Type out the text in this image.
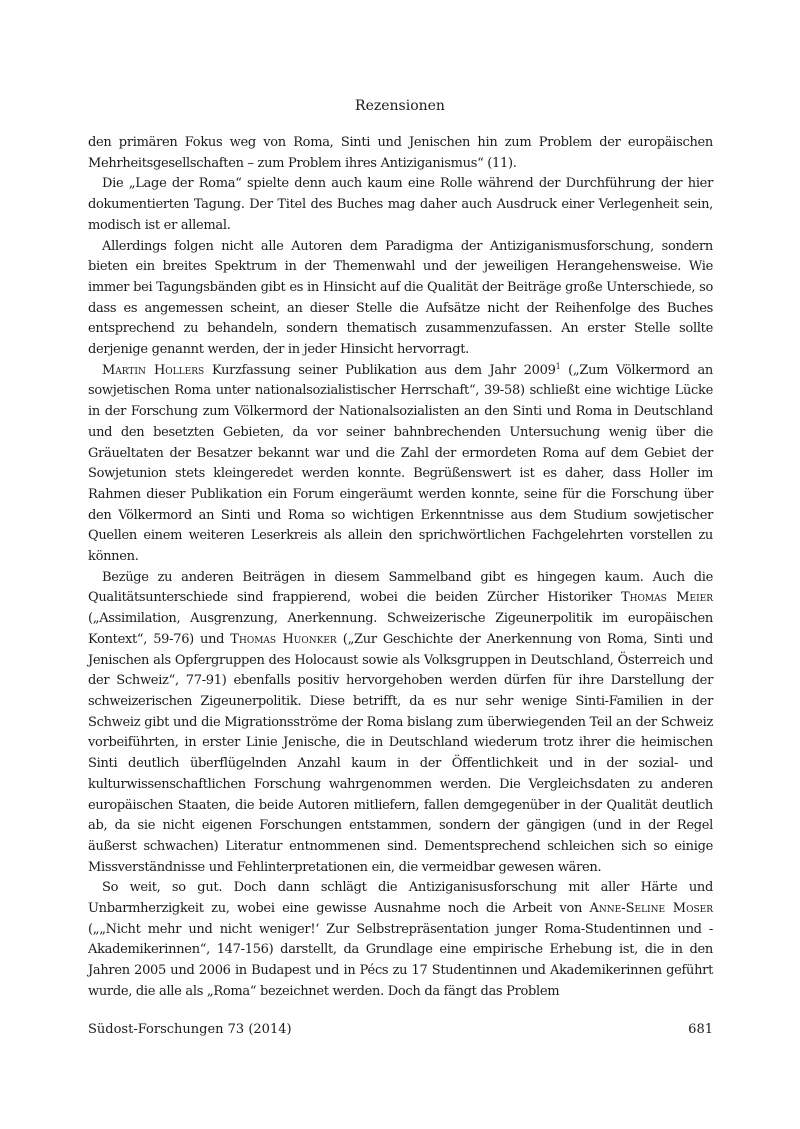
Rezensionen

den primären Fokus weg von Roma, Sinti und Jenischen hin zum Problem der europäischen Mehrheitsgesellschaften – zum Problem ihres Antiziganismus“ (11).

Die „Lage der Roma“ spielte denn auch kaum eine Rolle während der Durchführung der hier dokumentierten Tagung. Der Titel des Buches mag daher auch Ausdruck einer Verlegenheit sein, modisch ist er allemal.

Allerdings folgen nicht alle Autoren dem Paradigma der Antiziganismusforschung, sondern bieten ein breites Spektrum in der Themenwahl und der jeweiligen Herangehensweise. Wie immer bei Tagungsbänden gibt es in Hinsicht auf die Qualität der Beiträge große Unterschiede, so dass es angemessen scheint, an dieser Stelle die Aufsätze nicht der Reihenfolge des Buches entsprechend zu behandeln, sondern thematisch zusammenzufassen. An erster Stelle sollte derjenige genannt werden, der in jeder Hinsicht hervorragt.

Martin Hollers Kurzfassung seiner Publikation aus dem Jahr 2009$^1$ („Zum Völkermord an sowjetischen Roma unter nationalsozialistischer Herrschaft“, 39-58) schließt eine wichtige Lücke in der Forschung zum Völkermord der Nationalsozialisten an den Sinti und Roma in Deutschland und den besetzten Gebieten, da vor seiner bahnbrechenden Untersuchung wenig über die Gräueltaten der Besatzer bekannt war und die Zahl der ermordeten Roma auf dem Gebiet der Sowjetunion stets kleingeredet werden konnte. Begrüßenswert ist es daher, dass Holler im Rahmen dieser Publikation ein Forum eingeräumt werden konnte, seine für die Forschung über den Völkermord an Sinti und Roma so wichtigen Erkenntnisse aus dem Studium sowjetischer Quellen einem weiteren Leserkreis als allein den sprichwörtlichen Fachgelehrten vorstellen zu können.

Bezüge zu anderen Beiträgen in diesem Sammelband gibt es hingegen kaum. Auch die Qualitätsunterschiede sind frappierend, wobei die beiden Zürcher Historiker Thomas Meier („Assimilation, Ausgrenzung, Anerkennung. Schweizerische Zigeunerpolitik im europäischen Kontext“, 59-76) und Thomas Huonker („Zur Geschichte der Anerkennung von Roma, Sinti und Jenischen als Opfergruppen des Holocaust sowie als Volksgruppen in Deutschland, Österreich und der Schweiz“, 77-91) ebenfalls positiv hervorgehoben werden dürfen für ihre Darstellung der schweizerischen Zigeunerpolitik. Diese betrifft, da es nur sehr wenige Sinti-Familien in der Schweiz gibt und die Migrationsströme der Roma bislang zum überwiegenden Teil an der Schweiz vorbeiführten, in erster Linie Jenische, die in Deutschland wiederum trotz ihrer die heimischen Sinti deutlich überflügelnden Anzahl kaum in der Öffentlichkeit und in der sozial- und kulturwissenschaftlichen Forschung wahrgenommen werden. Die Vergleichsdaten zu anderen europäischen Staaten, die beide Autoren mitliefern, fallen demgegenüber in der Qualität deutlich ab, da sie nicht eigenen Forschungen entstammen, sondern der gängigen (und in der Regel äußerst schwachen) Literatur entnommenen sind. Dementsprechend schleichen sich so einige Missverständnisse und Fehlinterpretationen ein, die vermeidbar gewesen wären.

So weit, so gut. Doch dann schlägt die Antiziganisusforschung mit aller Härte und Unbarmherzigkeit zu, wobei eine gewisse Ausnahme noch die Arbeit von Anne-Seline Moser („„Nicht mehr und nicht weniger!‘ Zur Selbstrepräsentation junger Roma-Studentinnen und -Akademikerinnen“, 147-156) darstellt, da Grundlage eine empirische Erhebung ist, die in den Jahren 2005 und 2006 in Budapest und in Pécs zu 17 Studentinnen und Akademikerinnen geführt wurde, die alle als „Roma“ bezeichnet werden. Doch da fängt das Problem

Südost-Forschungen 73 (2014)	681
